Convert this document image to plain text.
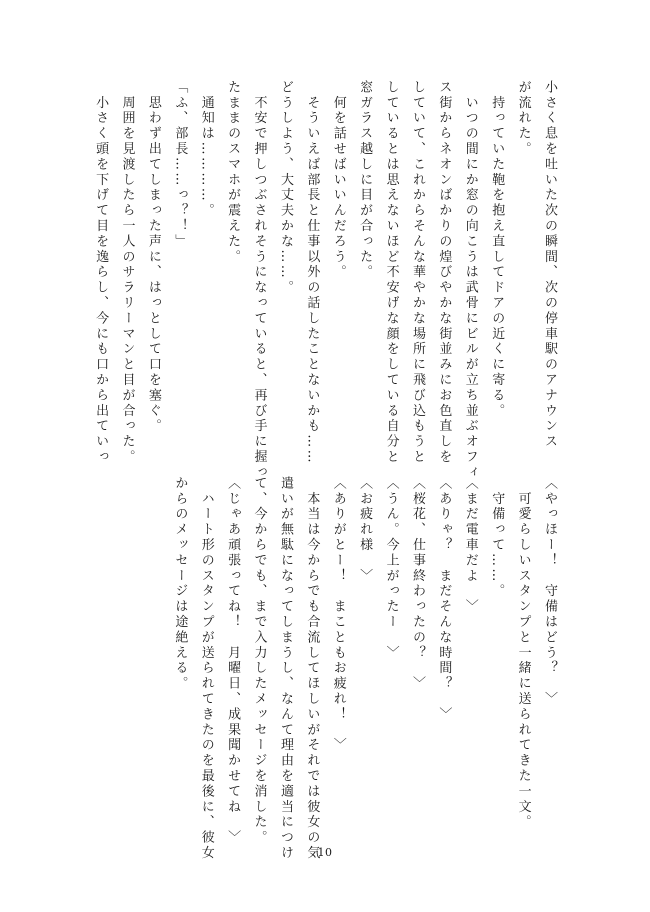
小さく息を吐いた次の瞬間、次の停車駅のアナウンス
が流れた。
　持っていた鞄を抱え直してドアの近くに寄る。
　いつの間にか窓の向こうは武骨にビルが立ち並ぶオフィ
ス街からネオンばかりの煌びやかな街並みにお色直しを
していて、これからそんな華やかな場所に飛び込もうと
しているとは思えないほど不安げな顔をしている自分と
窓ガラス越しに目が合った。
　何を話せばいいんだろう。
　そういえば部長と仕事以外の話したことないかも……
どうしよう、大丈夫かな……。
　不安で押しつぶされそうになっていると、再び手に握っ
たままのスマホが震えた。
　通知は…………。
「ふ、部長……っ？！」
　思わず出てしまった声に、はっとして口を塞ぐ。
　周囲を見渡したら一人のサラリーマンと目が合った。
　小さく頭を下げて目を逸らし、今にも口から出ていっ
〈やっほー！　守備はどう？　〉
　可愛らしいスタンプと一緒に送られてきた一文。
　守備って……。
〈まだ電車だよ　〉
〈ありゃ？　まだそんな時間？　〉
〈桜花、仕事終わったの？　〉
〈うん。今上がったー　〉
〈お疲れ様　〉
〈ありがとー！　まこともお疲れ！　〉
　本当は今からでも合流してほしいがそれでは彼女の気
遣いが無駄になってしまうし、なんて理由を適当につけ
て、今からでも、まで入力したメッセージを消した。
〈じゃあ頑張ってね！　月曜日、成果聞かせてね　〉
　ハート形のスタンプが送られてきたのを最後に、彼女
からのメッセージは途絶える。
10
